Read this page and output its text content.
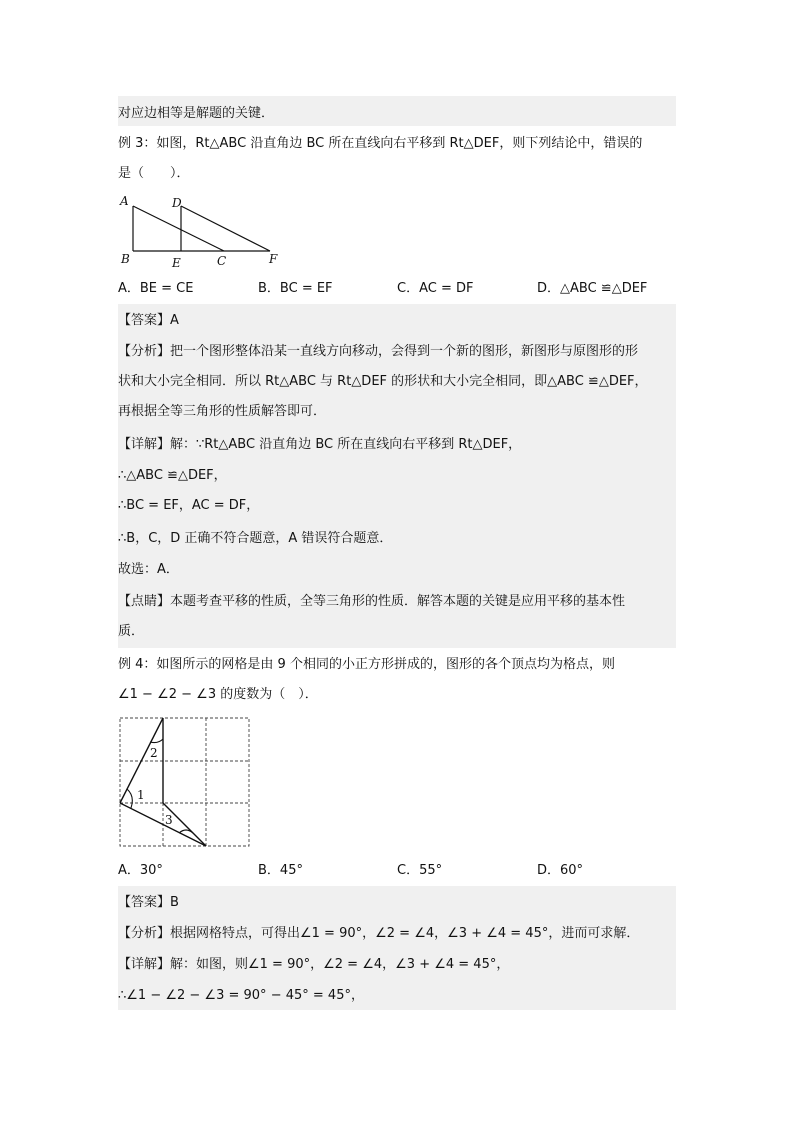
对应边相等是解题的关键．
例 3：如图，Rt△ABC 沿直角边 BC 所在直线向右平移到 Rt△DEF，则下列结论中，错误的
是（　　）．
A	D
B	E	C	F
A．BE = CE	B．BC = EF	C．AC = DF	D．△ABC ≌△DEF
【答案】A
【分析】把一个图形整体沿某一直线方向移动，会得到一个新的图形，新图形与原图形的形
状和大小完全相同．所以 Rt△ABC 与 Rt△DEF 的形状和大小完全相同，即△ABC ≌△DEF，
再根据全等三角形的性质解答即可．
【详解】解：∵Rt△ABC 沿直角边 BC 所在直线向右平移到 Rt△DEF，
∴△ABC ≌△DEF，
∴BC = EF，AC = DF，
∴B，C，D 正确不符合题意，A 错误符合题意．
故选：A．
【点睛】本题考查平移的性质，全等三角形的性质．解答本题的关键是应用平移的基本性
质．
例 4：如图所示的网格是由 9 个相同的小正方形拼成的，图形的各个顶点均为格点，则
∠1 − ∠2 − ∠3 的度数为（　）．
2
1
3
A．30°	B．45°	C．55°	D．60°
【答案】B
【分析】根据网格特点，可得出∠1 = 90°，∠2 = ∠4，∠3 + ∠4 = 45°，进而可求解．
【详解】解：如图，则∠1 = 90°，∠2 = ∠4，∠3 + ∠4 = 45°，
∴∠1 − ∠2 − ∠3 = 90° − 45° = 45°，
